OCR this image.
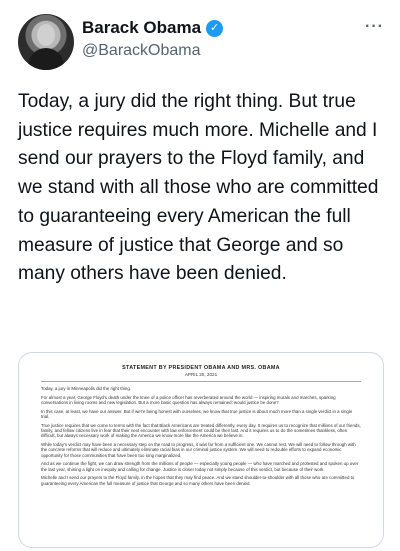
Barack Obama ✓
@BarackObama
···

Today, a jury did the right thing. But true justice requires much more. Michelle and I send our prayers to the Floyd family, and we stand with all those who are committed to guaranteeing every American the full measure of justice that George and so many others have been denied.

STATEMENT BY PRESIDENT OBAMA AND MRS. OBAMA
APRIL 20, 2021

Today, a jury in Minneapolis did the right thing.

For almost a year, George Floyd's death under the knee of a police officer has reverberated around the world — inspiring murals and marches, sparking conversations in living rooms and new legislation. But a more basic question has always remained: would justice be done?

In this case, at least, we have our answer. But if we're being honest with ourselves, we know that true justice is about much more than a single verdict in a single trial.

True justice requires that we come to terms with the fact that Black Americans are treated differently, every day. It requires us to recognize that millions of our friends, family, and fellow citizens live in fear that their next encounter with law enforcement could be their last. And it requires us to do the sometimes thankless, often difficult, but always necessary work of making the America we know more like the America we believe in.

While today's verdict may have been a necessary step on the road to progress, it was far from a sufficient one. We cannot rest. We will need to follow through with the concrete reforms that will reduce and ultimately eliminate racial bias in our criminal justice system. We will need to redouble efforts to expand economic opportunity for those communities that have been too long marginalized.

And as we continue the fight, we can draw strength from the millions of people — especially young people — who have marched and protested and spoken up over the last year, shining a light on inequity and calling for change. Justice is closer today not simply because of this verdict, but because of their work.

Michelle and I send our prayers to the Floyd family, in the hopes that they may find peace. And we stand shoulder-to-shoulder with all those who are committed to guaranteeing every American the full measure of justice that George and so many others have been denied.
